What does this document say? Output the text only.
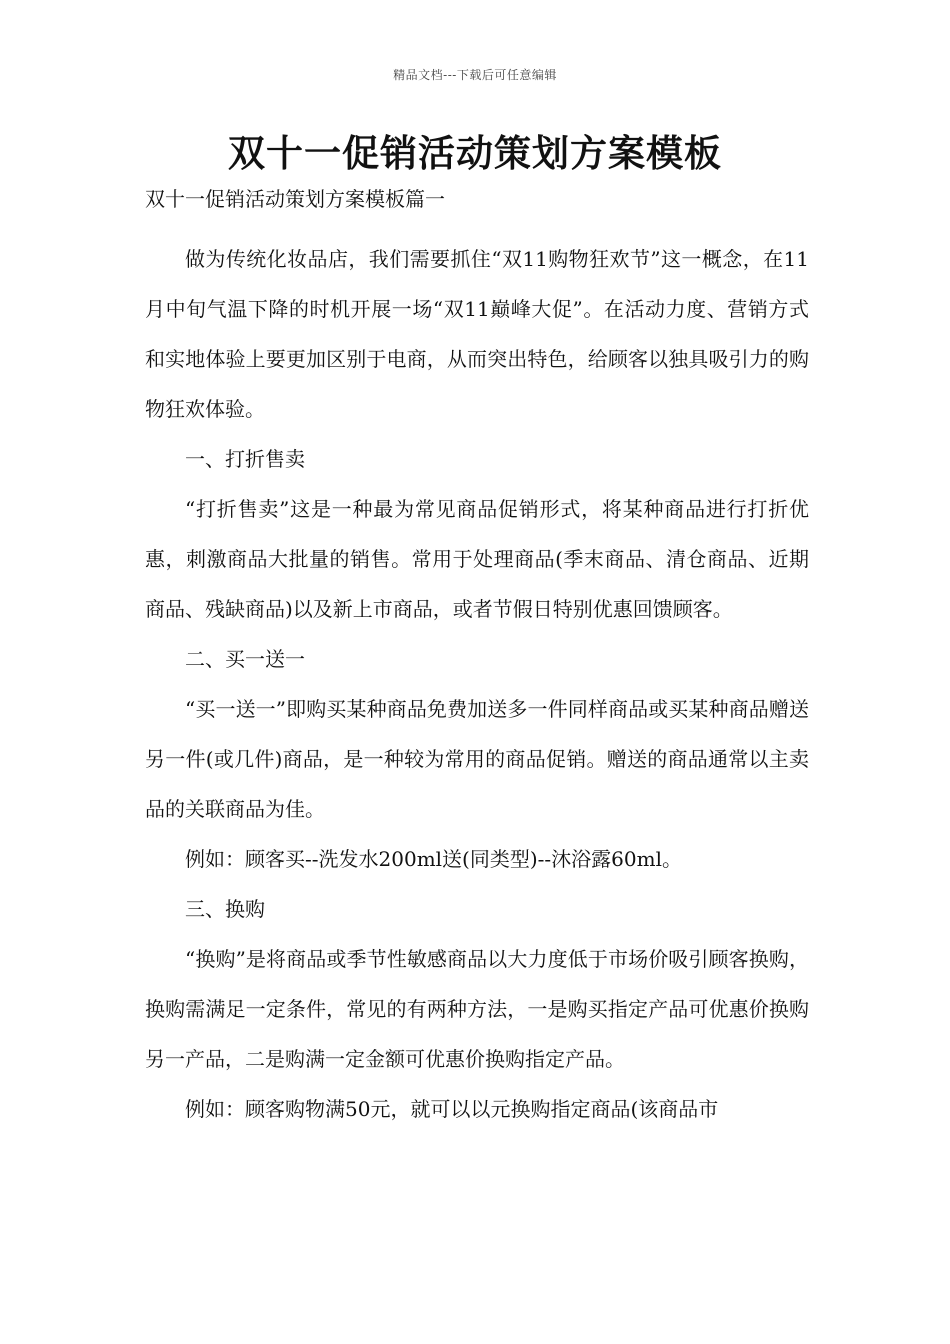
精品文档---下载后可任意编辑
双十一促销活动策划方案模板
双十一促销活动策划方案模板篇一

做为传统化妆品店，我们需要抓住“双11购物狂欢节”这一概念，在11月中旬气温下降的时机开展一场“双11巅峰大促”。在活动力度、营销方式和实地体验上要更加区别于电商，从而突出特色，给顾客以独具吸引力的购物狂欢体验。

一、打折售卖

“打折售卖”这是一种最为常见商品促销形式，将某种商品进行打折优惠，刺激商品大批量的销售。常用于处理商品(季末商品、清仓商品、近期商品、残缺商品)以及新上市商品，或者节假日特别优惠回馈顾客。

二、买一送一

“买一送一”即购买某种商品免费加送多一件同样商品或买某种商品赠送另一件(或几件)商品，是一种较为常用的商品促销。赠送的商品通常以主卖品的关联商品为佳。

例如：顾客买--洗发水200ml送(同类型)--沐浴露60ml。

三、换购

“换购”是将商品或季节性敏感商品以大力度低于市场价吸引顾客换购，换购需满足一定条件，常见的有两种方法，一是购买指定产品可优惠价换购另一产品，二是购满一定金额可优惠价换购指定产品。

例如：顾客购物满50元，就可以以元换购指定商品(该商品市
